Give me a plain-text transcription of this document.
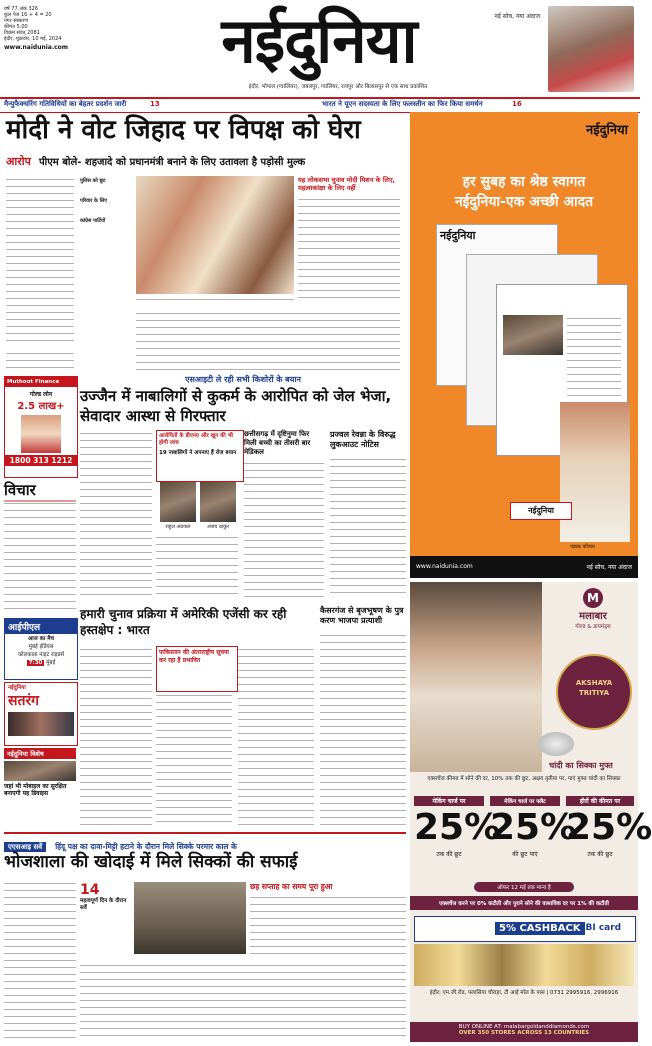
वर्ष 77 अंक 326
कुल पेज 16 + 4 = 20
नगर संस्करण
कीमत 5.00
विक्रम संवत् 2081
इंदौर, शुक्रवार, 10 मई, 2024
www.naidunia.com	नईदुनिया	नई सोच, नया अंदाज
इंदौर, भोपाल (ग्वालियर), जबलपुर, ग्वालियर, रायपुर और बिलासपुर से एक साथ प्रकाशित
मैन्युफैक्चरिंग गतिविधियों का बेहतर प्रदर्शन जारी	13	भारत ने यूएन सदस्यता के लिए फलस्तीन का फिर किया समर्थन	16
मोदी ने वोट जिहाद पर विपक्ष को घेरा
आरोप पीएम बोले- शहजादे को प्रधानमंत्री बनाने के लिए उतावला है पड़ोसी मुल्क
पुलिस को छूट
परिवार के लिए
कांग्रेस पार्टियों
यह लोकसभा चुनाव मोदी मिशन के लिए, महत्वाकांक्षा के लिए नहीं
नईदुनिया
हर सुबह का श्रेष्ठ स्वागत
नईदुनिया-एक अच्छी आदत
नईदुनिया
पाठक परिचय
नईदुनिया
www.naidunia.com	नई सोच, नया अंदाज
Muthoot Finance
गोल्ड लोन
2.5 लाख+
1800 313 1212
विचार
आईपीएल
आज का मैच
मुंबई इंडियंस
कोलकाता नाइट राइडर्स
7:30 मुंबई
नईदुनिया
सतरंग
नईदुनिया विशेष
जहां भी मोबाइल का सुरक्षित बनाएगी यह डिवाइस
एसआइटी ले रही सभी किशोरों के बयान
उज्जैन में नाबालिगों से कुकर्म के आरोपित को जेल भेजा, सेवादार आस्था से गिरफ्तार
आरोपितों के डीएनए और खून की भी होगी जांच
19 नाबालिगों ने अपनाए हैं रोज बयान
राहुल अग्रवाल	अजय ठाकुर
छत्तीसगढ़ में दृष्टिनुमा फिर मिली बच्ची का तीसरी बार मेडिकल
प्रज्वल रेवन्ना के विरुद्ध लुकआउट नोटिस
हमारी चुनाव प्रक्रिया में अमेरिकी एजेंसी कर रही हस्तक्षेप : भारत
पाकिस्तान की अंतरराष्ट्रीय सूचना कर रहा है प्रभावित
कैसरगंज से बृजभूषण के पुत्र करण भाजपा प्रत्याशी
एएसआइ सर्वे हिंदू पक्ष का दावा-मिट्टी हटाने के दौरान मिले सिक्के परमार काल के
भोजशाला की खोदाई में मिले सिक्कों की सफाई
14
महत्वपूर्ण दिन के दौरान सर्वे
छह सप्ताह का समय पूरा हुआ
M
मलाबार
गोल्ड & डायमंड्स
AKSHAYA TRITIYA
चांदी का सिक्का मुफ्त
एक्सचेंज कीमत में सोने की दर, 10% तक की छूट, अक्षय तृतीया पर, पाएं मुफ्त चांदी का सिक्का
मेकिंग चार्ज पर
25%
तक की छूट
मेकिंग चार्ज पर फ्लैट
25%
की छूट पाएं
हीरों की कीमत पर
25%
तक की छूट
ऑफर 12 मई तक मान्य है
एक्सचेंज करने पर 0% कटौती और पुराने सोने की वास्तविक दर पर 1% की कटौती
5% CASHBACK
SBI card
इंदौर: एम.जी.रोड, पलासिया चौराहा, टी आई मॉल के पास | 0731 2995916, 2996916
BUY ONLINE AT: malabargoldanddiamonds.com
OVER 350 STORES ACROSS 13 COUNTRIES
